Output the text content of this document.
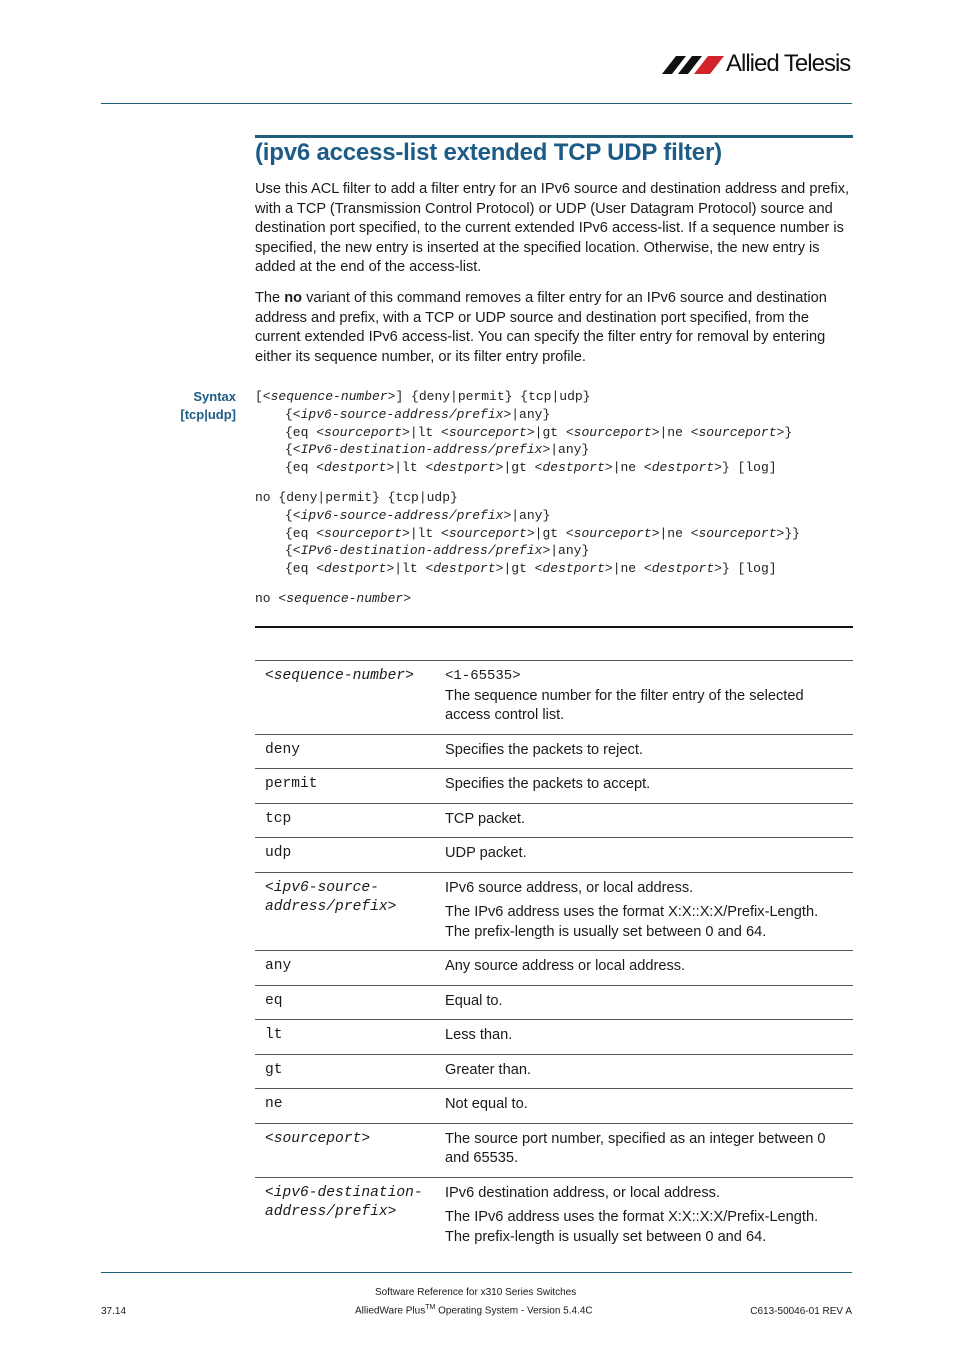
Allied Telesis
(ipv6 access-list extended TCP UDP filter)

Use this ACL filter to add a filter entry for an IPv6 source and destination address and prefix, with a TCP (Transmission Control Protocol) or UDP (User Datagram Protocol) source and destination port specified, to the current extended IPv6 access-list. If a sequence number is specified, the new entry is inserted at the specified location. Otherwise, the new entry is added at the end of the access-list.

The no variant of this command removes a filter entry for an IPv6 source and destination address and prefix, with a TCP or UDP source and destination port specified, from the current extended IPv6 access-list. You can specify the filter entry for removal by entering either its sequence number, or its filter entry profile.

Syntax
[tcp|udp]
[<sequence-number>] {deny|permit} {tcp|udp}
{<ipv6-source-address/prefix>|any}
{eq <sourceport>|lt <sourceport>|gt <sourceport>|ne <sourceport>}
{<IPv6-destination-address/prefix>|any}
{eq <destport>|lt <destport>|gt <destport>|ne <destport>} [log]
no {deny|permit} {tcp|udp}
{<ipv6-source-address/prefix>|any}
{eq <sourceport>|lt <sourceport>|gt <sourceport>|ne <sourceport>}}
{<IPv6-destination-address/prefix>|any}
{eq <destport>|lt <destport>|gt <destport>|ne <destport>} [log]
no <sequence-number>
<sequence-number>	<1-65535>

The sequence number for the filter entry of the selected access control list.

deny	Specifies the packets to reject.

permit	Specifies the packets to accept.

tcp	TCP packet.

udp	UDP packet.

<ipv6-source-address/prefix>	IPv6 source address, or local address.

The IPv6 address uses the format X:X::X:X/Prefix-Length. The prefix-length is usually set between 0 and 64.

any	Any source address or local address.

eq	Equal to.

lt	Less than.

gt	Greater than.

ne	Not equal to.

<sourceport>	The source port number, specified as an integer between 0 and 65535.

<ipv6-destination-address/prefix>	IPv6 destination address, or local address.

The IPv6 address uses the format X:X::X:X/Prefix-Length. The prefix-length is usually set between 0 and 64.

Software Reference for x310 Series Switches
AlliedWare Plus™ Operating System - Version 5.4.4C
37.14	C613-50046-01 REV A
